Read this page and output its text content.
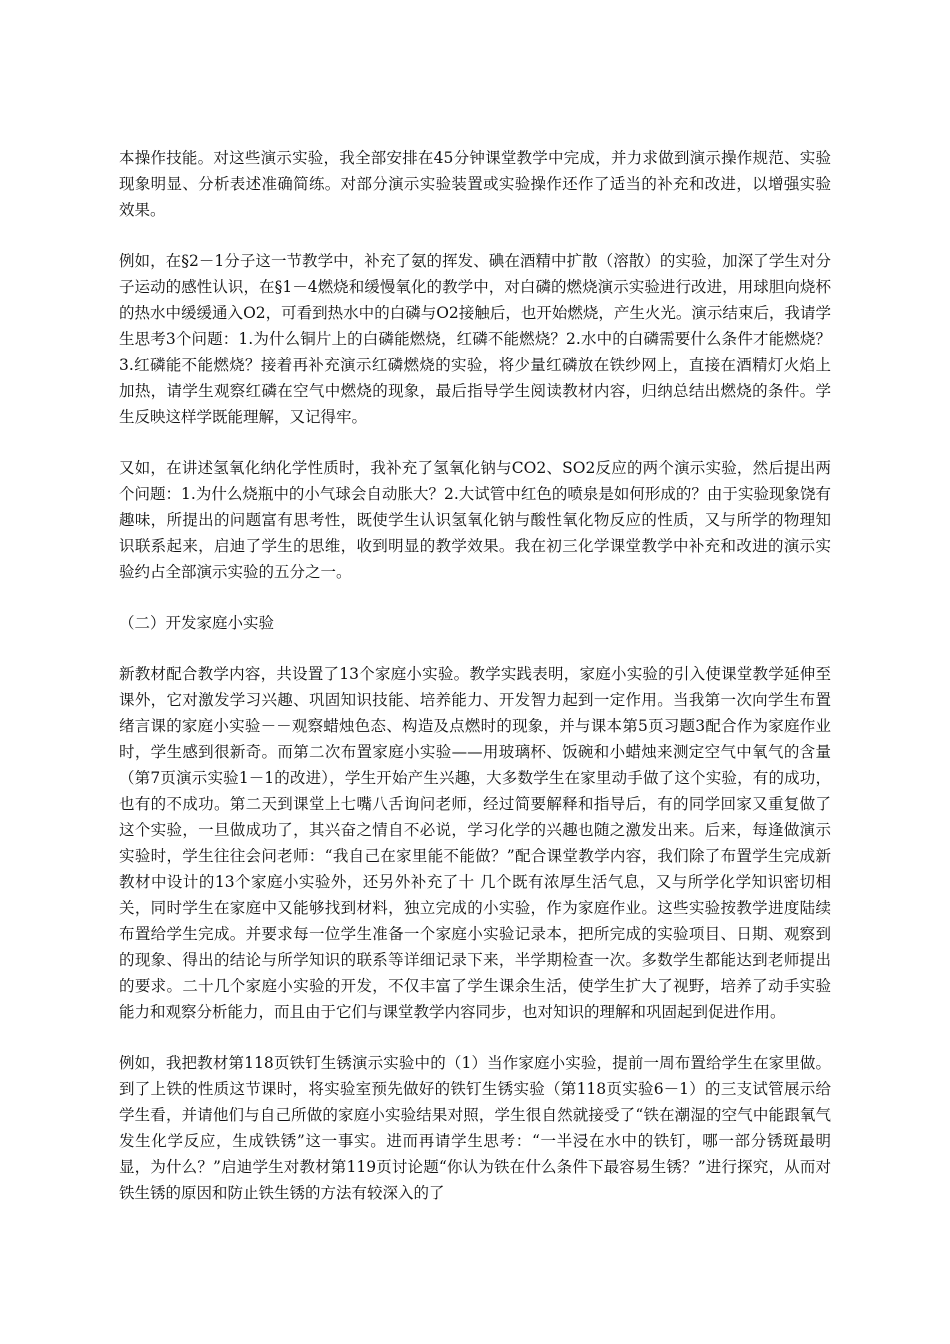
本操作技能。对这些演示实验，我全部安排在45分钟课堂教学中完成，并力求做到演示操作规范、实验现象明显、分析表述准确简练。对部分演示实验装置或实验操作还作了适当的补充和改进，以增强实验效果。

例如，在§2－1分子这一节教学中，补充了氨的挥发、碘在酒精中扩散（溶散）的实验，加深了学生对分子运动的感性认识，在§1－4燃烧和缓慢氧化的教学中，对白磷的燃烧演示实验进行改进，用球胆向烧杯的热水中缓缓通入O2，可看到热水中的白磷与O2接触后，也开始燃烧，产生火光。演示结束后，我请学生思考3个问题：1.为什么铜片上的白磷能燃烧，红磷不能燃烧？2.水中的白磷需要什么条件才能燃烧？3.红磷能不能燃烧？接着再补充演示红磷燃烧的实验，将少量红磷放在铁纱网上，直接在酒精灯火焰上加热，请学生观察红磷在空气中燃烧的现象，最后指导学生阅读教材内容，归纳总结出燃烧的条件。学生反映这样学既能理解，又记得牢。

又如，在讲述氢氧化纳化学性质时，我补充了氢氧化钠与CO2、SO2反应的两个演示实验，然后提出两个问题：1.为什么烧瓶中的小气球会自动胀大？2.大试管中红色的喷泉是如何形成的？由于实验现象饶有趣味，所提出的问题富有思考性，既使学生认识氢氧化钠与酸性氧化物反应的性质，又与所学的物理知识联系起来，启迪了学生的思维，收到明显的教学效果。我在初三化学课堂教学中补充和改进的演示实验约占全部演示实验的五分之一。

（二）开发家庭小实验

新教材配合教学内容，共设置了13个家庭小实验。教学实践表明，家庭小实验的引入使课堂教学延伸至课外，它对激发学习兴趣、巩固知识技能、培养能力、开发智力起到一定作用。当我第一次向学生布置绪言课的家庭小实验－－观察蜡烛色态、构造及点燃时的现象，并与课本第5页习题3配合作为家庭作业时，学生感到很新奇。而第二次布置家庭小实验——用玻璃杯、饭碗和小蜡烛来测定空气中氧气的含量（第7页演示实验1－1的改进），学生开始产生兴趣，大多数学生在家里动手做了这个实验，有的成功，也有的不成功。第二天到课堂上七嘴八舌询问老师，经过简要解释和指导后，有的同学回家又重复做了这个实验，一旦做成功了，其兴奋之情自不必说，学习化学的兴趣也随之激发出来。后来，每逢做演示实验时，学生往往会问老师：“我自己在家里能不能做？”配合课堂教学内容，我们除了布置学生完成新教材中设计的13个家庭小实验外，还另外补充了十 几个既有浓厚生活气息，又与所学化学知识密切相关，同时学生在家庭中又能够找到材料，独立完成的小实验，作为家庭作业。这些实验按教学进度陆续布置给学生完成。并要求每一位学生准备一个家庭小实验记录本，把所完成的实验项目、日期、观察到的现象、得出的结论与所学知识的联系等详细记录下来，半学期检查一次。多数学生都能达到老师提出的要求。二十几个家庭小实验的开发，不仅丰富了学生课余生活，使学生扩大了视野，培养了动手实验能力和观察分析能力，而且由于它们与课堂教学内容同步，也对知识的理解和巩固起到促进作用。

例如，我把教材第118页铁钉生锈演示实验中的（1）当作家庭小实验，提前一周布置给学生在家里做。到了上铁的性质这节课时，将实验室预先做好的铁钉生锈实验（第118页实验6－1）的三支试管展示给学生看，并请他们与自己所做的家庭小实验结果对照，学生很自然就接受了“铁在潮湿的空气中能跟氧气发生化学反应，生成铁锈”这一事实。进而再请学生思考：“一半浸在水中的铁钉，哪一部分锈斑最明显，为什么？”启迪学生对教材第119页讨论题“你认为铁在什么条件下最容易生锈？”进行探究，从而对铁生锈的原因和防止铁生锈的方法有较深入的了
